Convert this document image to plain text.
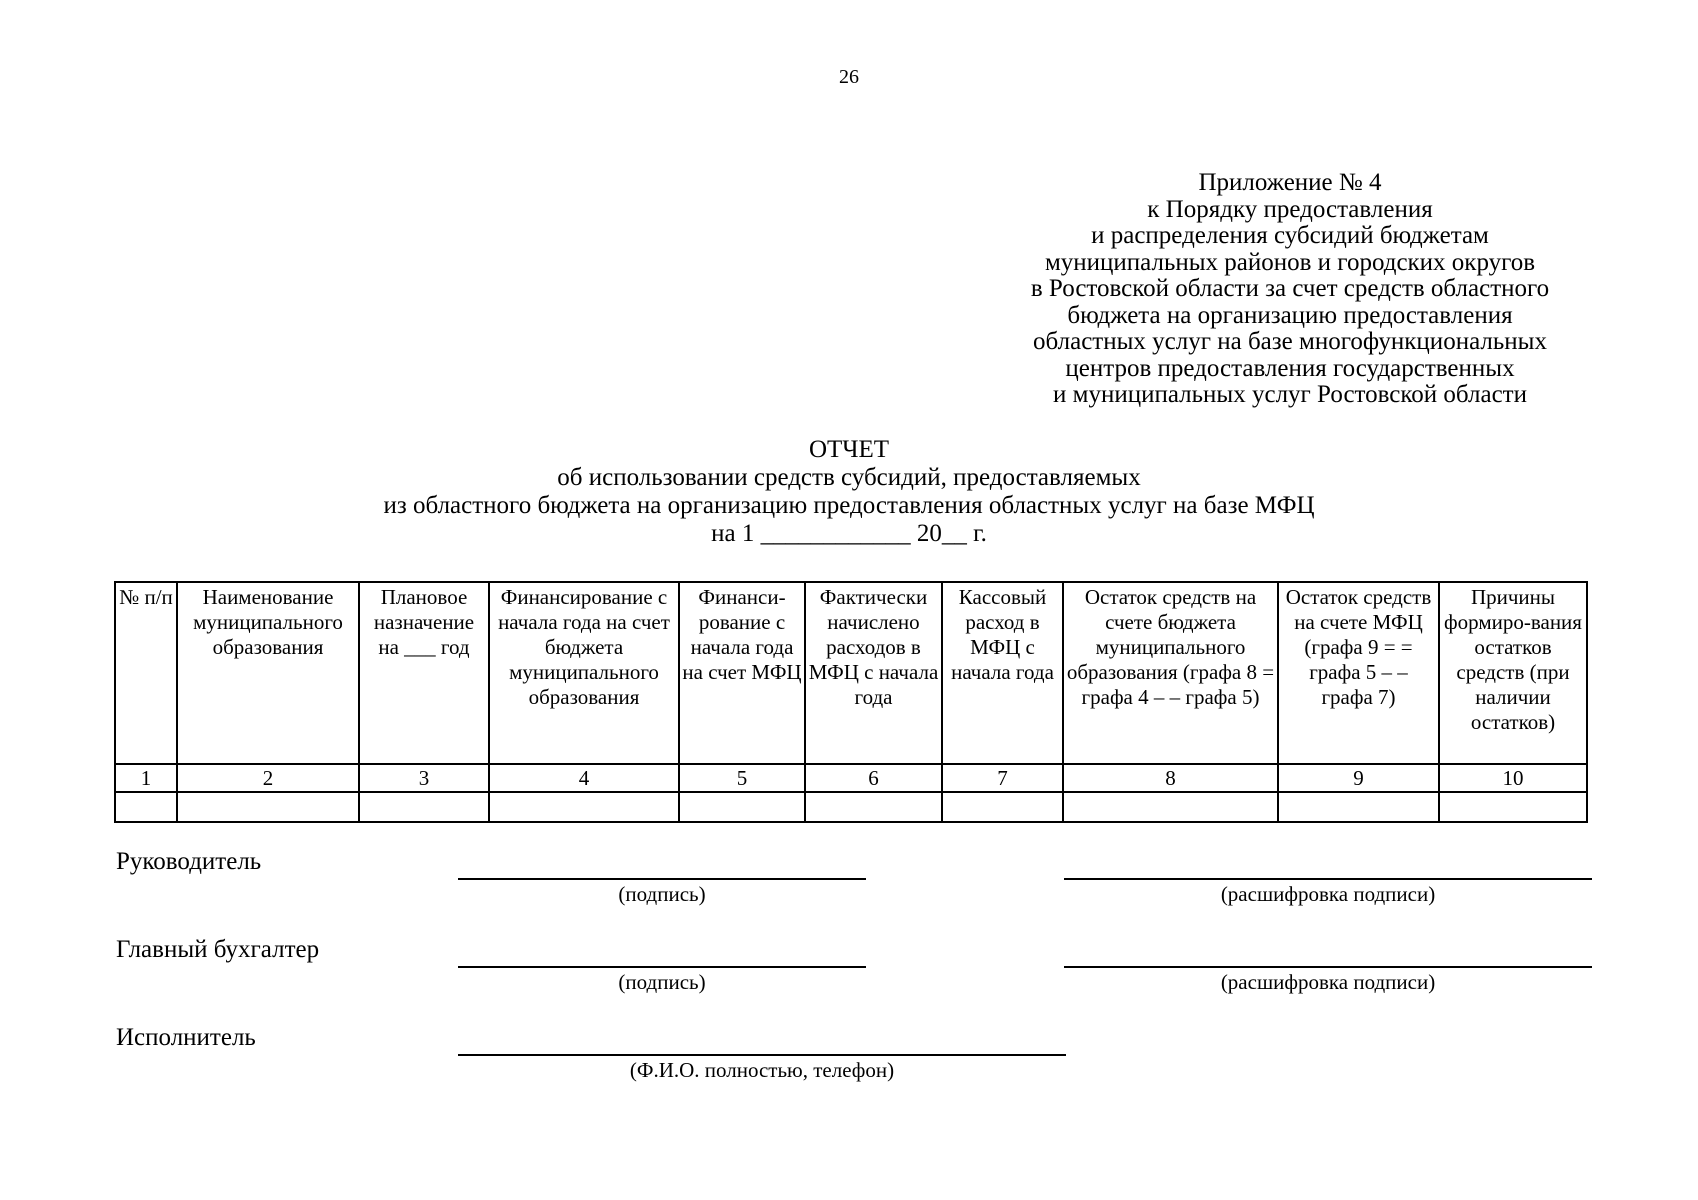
26
Приложение № 4
к Порядку предоставления
и распределения субсидий бюджетам
муниципальных районов и городских округов
в Ростовской области за счет средств областного
бюджета на организацию предоставления
областных услуг на базе многофункциональных
центров предоставления государственных
и муниципальных услуг Ростовской области
ОТЧЕТ
об использовании средств субсидий, предоставляемых
из областного бюджета на организацию предоставления областных услуг на базе МФЦ
на 1 ____________ 20__ г.
№ п/п	Наименование муниципального образования	Плановое назначение на ___ год	Финансирование с начала года на счет бюджета муниципального образования	Финанси-рование с начала года на счет МФЦ	Фактически начислено расходов в МФЦ с начала года	Кассовый расход в МФЦ с начала года	Остаток средств на счете бюджета муниципального образования (графа 8 = графа 4 – – графа 5)	Остаток средств на счете МФЦ (графа 9 = = графа 5 – – графа 7)	Причины формиро-вания остатков средств (при наличии остатков)
1	2	3	4	5	6	7	8	9	10

Руководитель
(подпись)	(расшифровка подписи)
Главный бухгалтер
(подпись)	(расшифровка подписи)
Исполнитель
(Ф.И.О. полностью, телефон)
